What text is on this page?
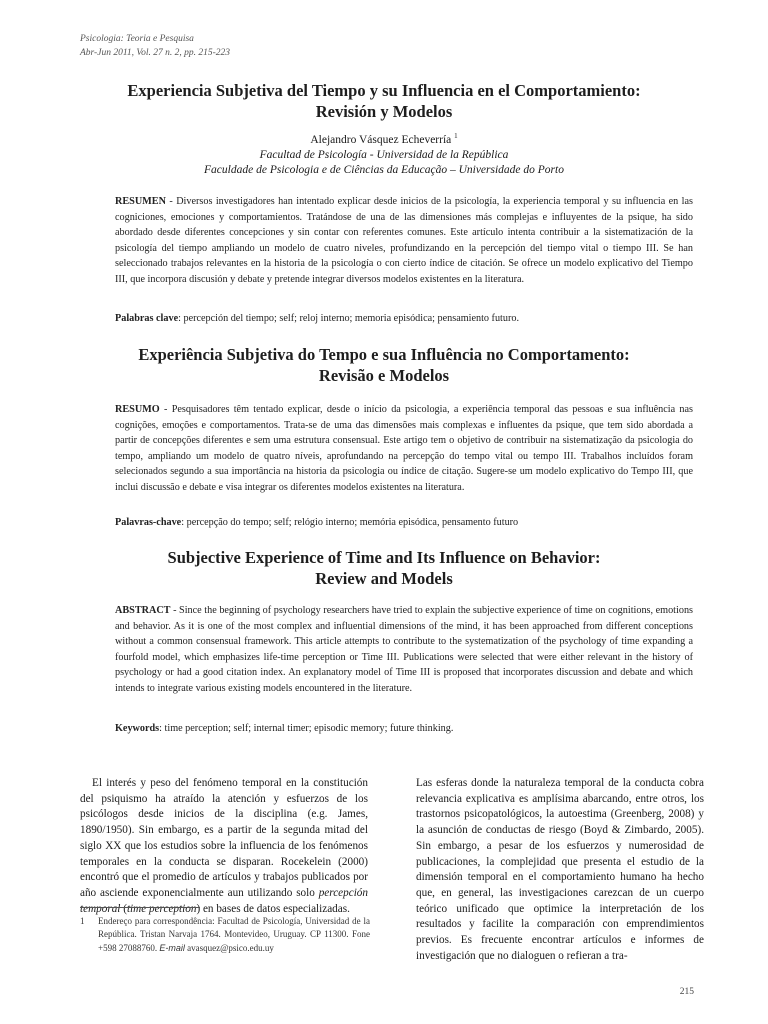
Psicologia: Teoria e Pesquisa
Abr-Jun 2011, Vol. 27 n. 2, pp. 215-223
Experiencia Subjetiva del Tiempo y su Influencia en el Comportamiento:
Revisión y Modelos
Alejandro Vásquez Echeverría $^1$
Facultad de Psicología - Universidad de la República
Faculdade de Psicologia e de Ciências da Educação – Universidade do Porto
RESUMEN - Diversos investigadores han intentado explicar desde inicios de la psicología, la experiencia temporal y su influencia en las cogniciones, emociones y comportamientos. Tratándose de una de las dimensiones más complejas e influyentes de la psique, ha sido abordado desde diferentes concepciones y sin contar con referentes comunes. Este artículo intenta contribuir a la sistematización de la psicología del tiempo ampliando un modelo de cuatro niveles, profundizando en la percepción del tiempo vital o tiempo III. Se han seleccionado trabajos relevantes en la historia de la psicología o con cierto índice de citación. Se ofrece un modelo explicativo del Tiempo III, que incorpora discusión y debate y pretende integrar diversos modelos existentes en la literatura.
Palabras clave: percepción del tiempo; self; reloj interno; memoria episódica; pensamiento futuro.
Experiência Subjetiva do Tempo e sua Influência no Comportamento:
Revisão e Modelos
RESUMO - Pesquisadores têm tentado explicar, desde o início da psicologia, a experiência temporal das pessoas e sua influência nas cognições, emoções e comportamentos. Trata-se de uma das dimensões mais complexas e influentes da psique, que tem sido abordada a partir de concepções diferentes e sem uma estrutura consensual. Este artigo tem o objetivo de contribuir na sistematização da psicologia do tempo, ampliando um modelo de quatro níveis, aprofundando na percepção do tempo vital ou tempo III. Trabalhos incluídos foram selecionados segundo a sua importância na historia da psicologia ou índice de citação. Sugere-se um modelo explicativo do Tempo III, que inclui discussão e debate e visa integrar os diferentes modelos existentes na literatura.
Palavras-chave: percepção do tempo; self; relógio interno; memória episódica, pensamento futuro
Subjective Experience of Time and Its Influence on Behavior:
Review and Models
ABSTRACT - Since the beginning of psychology researchers have tried to explain the subjective experience of time on cognitions, emotions and behavior. As it is one of the most complex and influential dimensions of the mind, it has been approached from different conceptions without a common consensual framework. This article attempts to contribute to the systematization of the psychology of time expanding a fourfold model, which emphasizes life-time perception or Time III. Publications were selected that were either relevant in the history of psychology or had a good citation index. An explanatory model of Time III is proposed that incorporates discussion and debate and which intends to integrate various existing models encountered in the literature.
Keywords: time perception; self; internal timer; episodic memory; future thinking.
El interés y peso del fenómeno temporal en la constitución del psiquismo ha atraído la atención y esfuerzos de los psicólogos desde inicios de la disciplina (e.g. James, 1890/1950). Sin embargo, es a partir de la segunda mitad del siglo XX que los estudios sobre la influencia de los fenómenos temporales en la conducta se disparan. Rocekelein (2000) encontró que el promedio de artículos y trabajos publicados por año asciende exponencialmente aun utilizando solo percepción temporal (time perception) en bases de datos especializadas.
Las esferas donde la naturaleza temporal de la conducta cobra relevancia explicativa es amplísima abarcando, entre otros, los trastornos psicopatológicos, la autoestima (Greenberg, 2008) y la asunción de conductas de riesgo (Boyd & Zimbardo, 2005). Sin embargo, a pesar de los esfuerzos y numerosidad de publicaciones, la complejidad que presenta el estudio de la dimensión temporal en el comportamiento humano ha hecho que, en general, las investigaciones carezcan de un cuerpo teórico unificado que optimice la interpretación de los resultados y facilite la comparación con emprendimientos previos. Es frecuente encontrar artículos e informes de investigación que no dialoguen o refieran a tra-
1 Endereço para correspondência: Facultad de Psicología, Universidad de la República. Tristan Narvaja 1764. Montevideo, Uruguay. CP 11300. Fone +598 27088760. E-mail avasquez@psico.edu.uy
215
